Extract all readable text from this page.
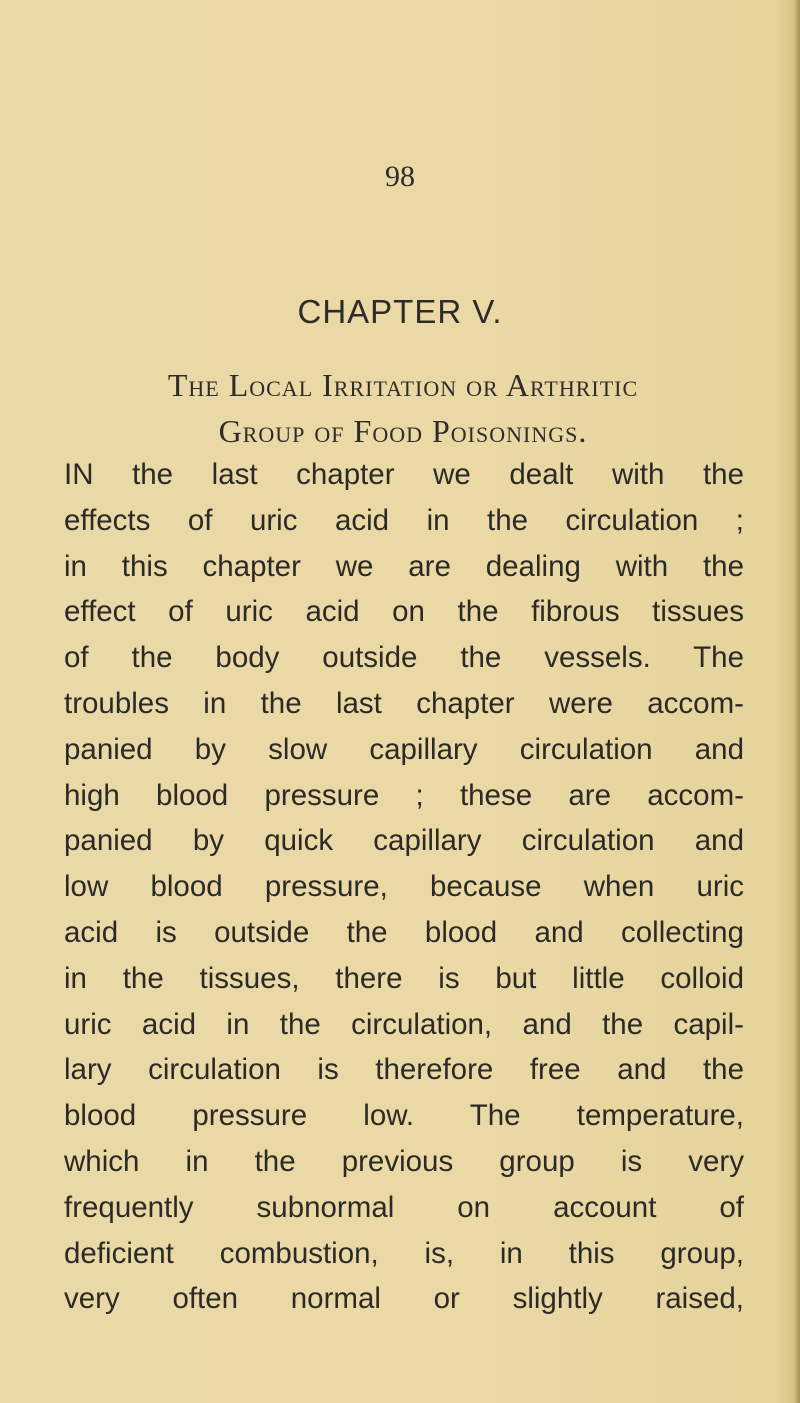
98
CHAPTER V.
The Local Irritation or Arthritic
Group of Food Poisonings.
IN the last chapter we dealt with the
effects of uric acid in the circulation ;
in this chapter we are dealing with the
effect of uric acid on the fibrous tissues
of the body outside the vessels. The
troubles in the last chapter were accom-
panied by slow capillary circulation and
high blood pressure ; these are accom-
panied by quick capillary circulation and
low blood pressure, because when uric
acid is outside the blood and collecting
in the tissues, there is but little colloid
uric acid in the circulation, and the capil-
lary circulation is therefore free and the
blood pressure low. The temperature,
which in the previous group is very
frequently subnormal on account of
deficient combustion, is, in this group,
very often normal or slightly raised,
